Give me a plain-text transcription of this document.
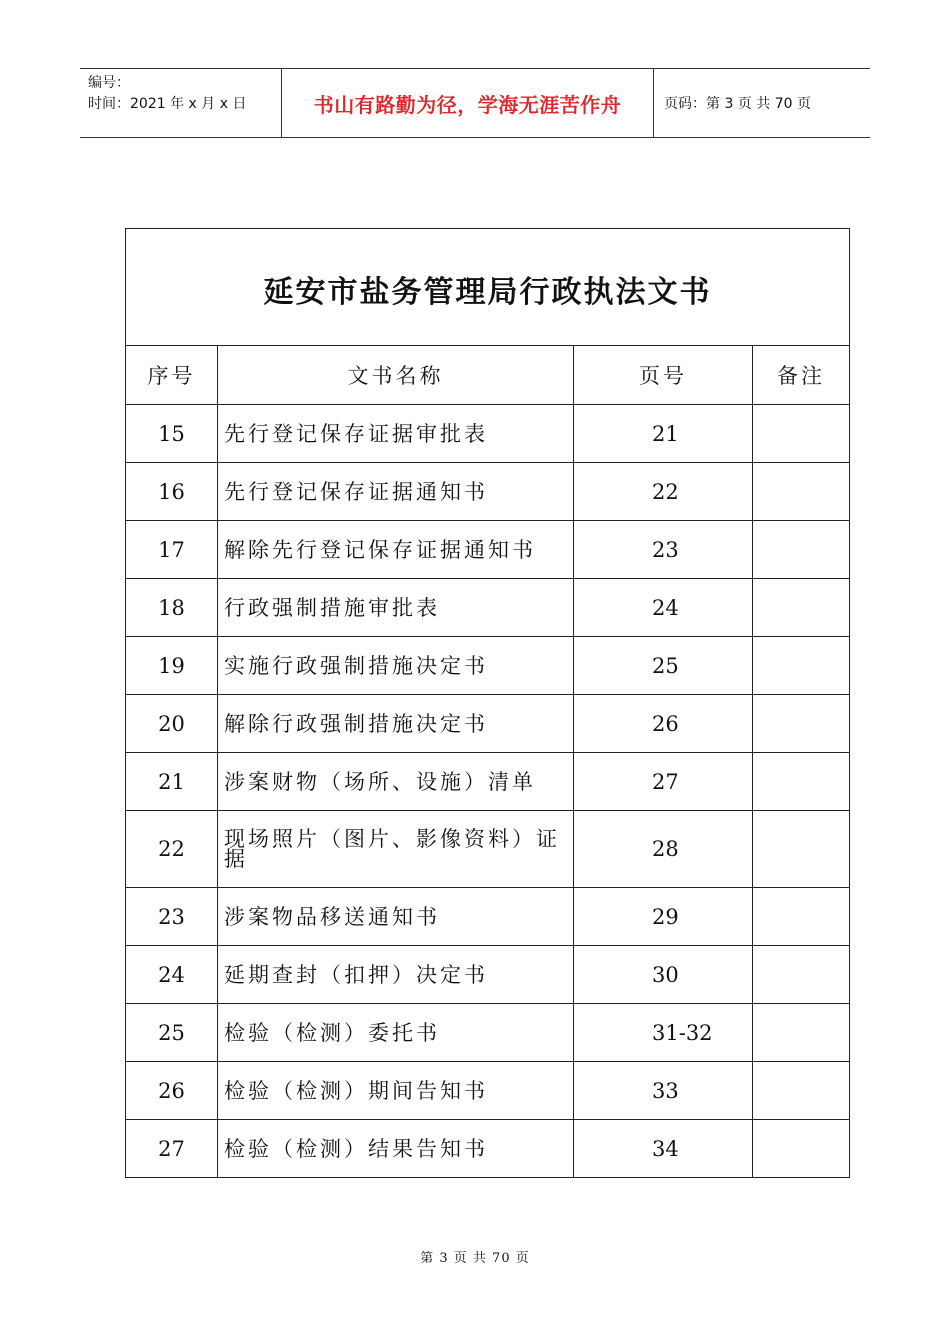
编号：
时间：2021 年 x 月 x 日	书山有路勤为径，学海无涯苦作舟	页码：第 3 页 共 70 页
延安市盐务管理局行政执法文书			
序号	文书名称	页号	备注
15	先行登记保存证据审批表	21	
16	先行登记保存证据通知书	22	
17	解除先行登记保存证据通知书	23	
18	行政强制措施审批表	24	
19	实施行政强制措施决定书	25	
20	解除行政强制措施决定书	26	
21	涉案财物（场所、设施）清单	27	
22	现场照片（图片、影像资料）证据	28	
23	涉案物品移送通知书	29	
24	延期查封（扣押）决定书	30	
25	检验（检测）委托书	31-32	
26	检验（检测）期间告知书	33	
27	检验（检测）结果告知书	34	
第 3 页 共 70 页
